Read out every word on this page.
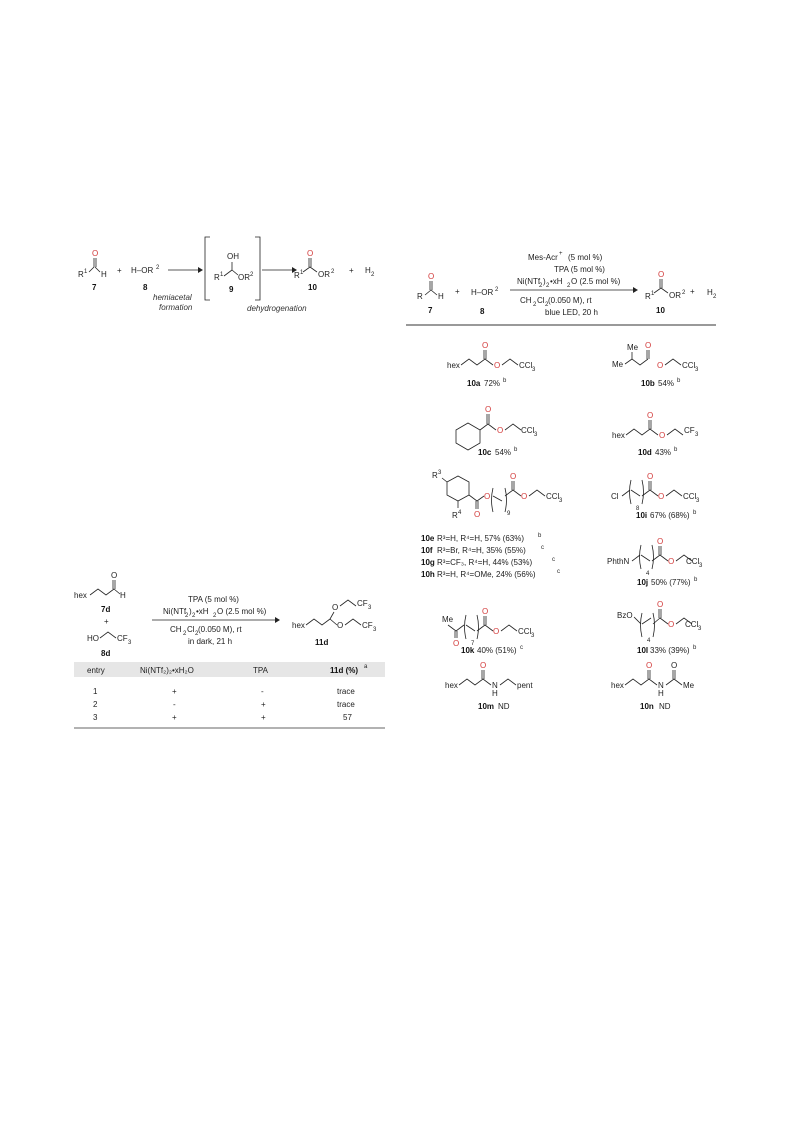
R 1
O
H
7
+ H–OR 2
8
hemiacetal
formation
OH
R 1 OR 2
9
dehydrogenation
O
R 1 OR 2
10
+ H 2	O
R H
7
+ H–OR 2
8
Mes-Acr + (5 mol %)
TPA (5 mol %)
Ni(NTf
2 ) 2 •xH 2 O (2.5 mol %)
CH 2 Cl 2 (0.050 M), rt
blue LED, 20 h
O
R 1 OR 2
10
+ H 2
hex
O
O CCl 3
10a 72% b
Me
Me
O
O CCl 3
10b 54% b
O
O CCl 3
10c 54% b
hex
O
O
CF 3
10d 43% b
R 3
R 4 O
O
9
O
O CCl 3
10e R³=H, R⁴=H, 57% (63%) b
10f R³=Br, R⁴=H, 35% (55%)	c
10g R³=CF₃, R⁴=H, 44% (53%)	c
10h R³=H, R⁴=OMe, 24% (56%)	c
Cl
8
O
O CCl 3
10i 67% (68%) b
PhthN
4
O
O CCl 3
10j 50% (77%) b
Me
O 7
O
O CCl 3
10k 40% (51%) c
BzO
4
O
O CCl 3
10l 33% (39%) b
hex
O
N
H
pent
10m ND
hex
O
N
H
O
Me
10n ND
hex
O
H
7d
+
HO CF 3
8d
TPA (5 mol %)
Ni(NTf
2 ) 2 •xH 2 O (2.5 mol %)
CH 2 Cl 2 (0.050 M), rt
in dark, 21 h
hex
O CF 3
O CF 3
11d
entry	Ni(NTf₂)₂•xH₂O	TPA	11d (%) a
1	+	-	trace
2	-	+	trace
3	+	+	57
